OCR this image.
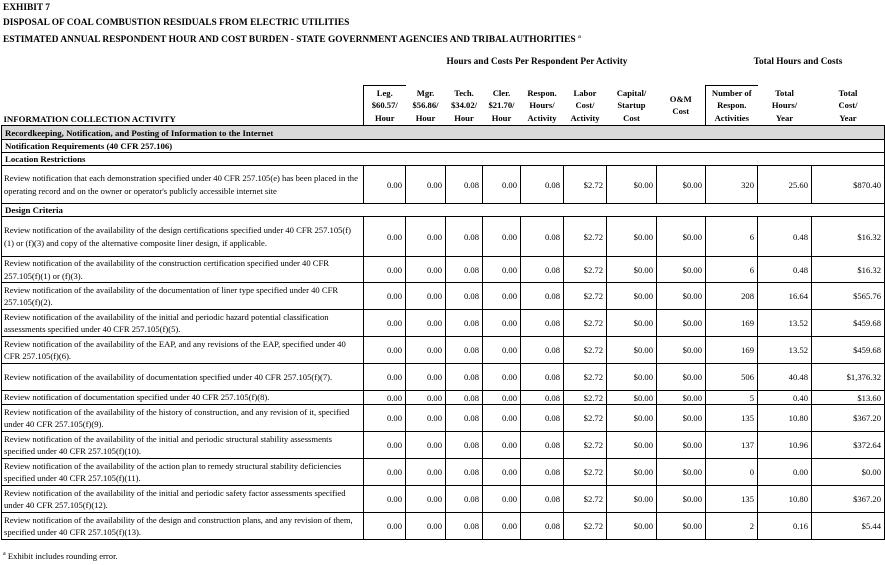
EXHIBIT 7
DISPOSAL OF COAL COMBUSTION RESIDUALS FROM ELECTRIC UTILITIES
ESTIMATED ANNUAL RESPONDENT HOUR AND COST BURDEN - STATE GOVERNMENT AGENCIES AND TRIBAL AUTHORITIES $^a$
Hours and Costs Per Respondent Per Activity	Total Hours and Costs
INFORMATION COLLECTION ACTIVITY	Leg.
$60.57/
Hour	Mgr.
$56.86/
Hour	Tech.
$34.02/
Hour	Cler.
$21.70/
Hour	Respon.
Hours/
Activity	Labor
Cost/
Activity	Capital/
Startup
Cost	O&M
Cost	Number of
Respon.
Activities	Total
Hours/
Year	Total
Cost/
Year
Recordkeeping, Notification, and Posting of Information to the Internet											
Notification Requirements (40 CFR 257.106)											
Location Restrictions											
Review notification that each demonstration specified under 40 CFR 257.105(e) has been placed in the operating record and on the owner or operator's publicly accessible internet site	0.00	0.00	0.08	0.00	0.08	$2.72	$0.00	$0.00	320	25.60	$870.40
Design Criteria											
Review notification of the availability of the design certifications specified under 40 CFR 257.105(f)(1) or (f)(3) and copy of the alternative composite liner design, if applicable.	0.00	0.00	0.08	0.00	0.08	$2.72	$0.00	$0.00	6	0.48	$16.32
Review notification of the availability of the construction certification specified under 40 CFR 257.105(f)(1) or (f)(3).	0.00	0.00	0.08	0.00	0.08	$2.72	$0.00	$0.00	6	0.48	$16.32
Review notification of the availability of the documentation of liner type specified under 40 CFR 257.105(f)(2).	0.00	0.00	0.08	0.00	0.08	$2.72	$0.00	$0.00	208	16.64	$565.76
Review notification of the availability of the initial and periodic hazard potential classification assessments specified under 40 CFR 257.105(f)(5).	0.00	0.00	0.08	0.00	0.08	$2.72	$0.00	$0.00	169	13.52	$459.68
Review notification of the availability of the EAP, and any revisions of the EAP, specified under 40 CFR 257.105(f)(6).	0.00	0.00	0.08	0.00	0.08	$2.72	$0.00	$0.00	169	13.52	$459.68
Review notification of the availability of documentation specified under 40 CFR 257.105(f)(7).	0.00	0.00	0.08	0.00	0.08	$2.72	$0.00	$0.00	506	40.48	$1,376.32
Review notification of documentation specified under 40 CFR 257.105(f)(8).	0.00	0.00	0.08	0.00	0.08	$2.72	$0.00	$0.00	5	0.40	$13.60
Review notification of the availability of the history of construction, and any revision of it, specified under 40 CFR 257.105(f)(9).	0.00	0.00	0.08	0.00	0.08	$2.72	$0.00	$0.00	135	10.80	$367.20
Review notification of the availability of the initial and periodic structural stability assessments specified under 40 CFR 257.105(f)(10).	0.00	0.00	0.08	0.00	0.08	$2.72	$0.00	$0.00	137	10.96	$372.64
Review notification of the availability of the action plan to remedy structural stability deficiencies specified under 40 CFR 257.105(f)(11).	0.00	0.00	0.08	0.00	0.08	$2.72	$0.00	$0.00	0	0.00	$0.00
Review notification of the availability of the initial and periodic safety factor assessments specified under 40 CFR 257.105(f)(12).	0.00	0.00	0.08	0.00	0.08	$2.72	$0.00	$0.00	135	10.80	$367.20
Review notification of the availability of the design and construction plans, and any revision of them, specified under 40 CFR 257.105(f)(13).	0.00	0.00	0.08	0.00	0.08	$2.72	$0.00	$0.00	2	0.16	$5.44
$^a$ Exhibit includes rounding error.
